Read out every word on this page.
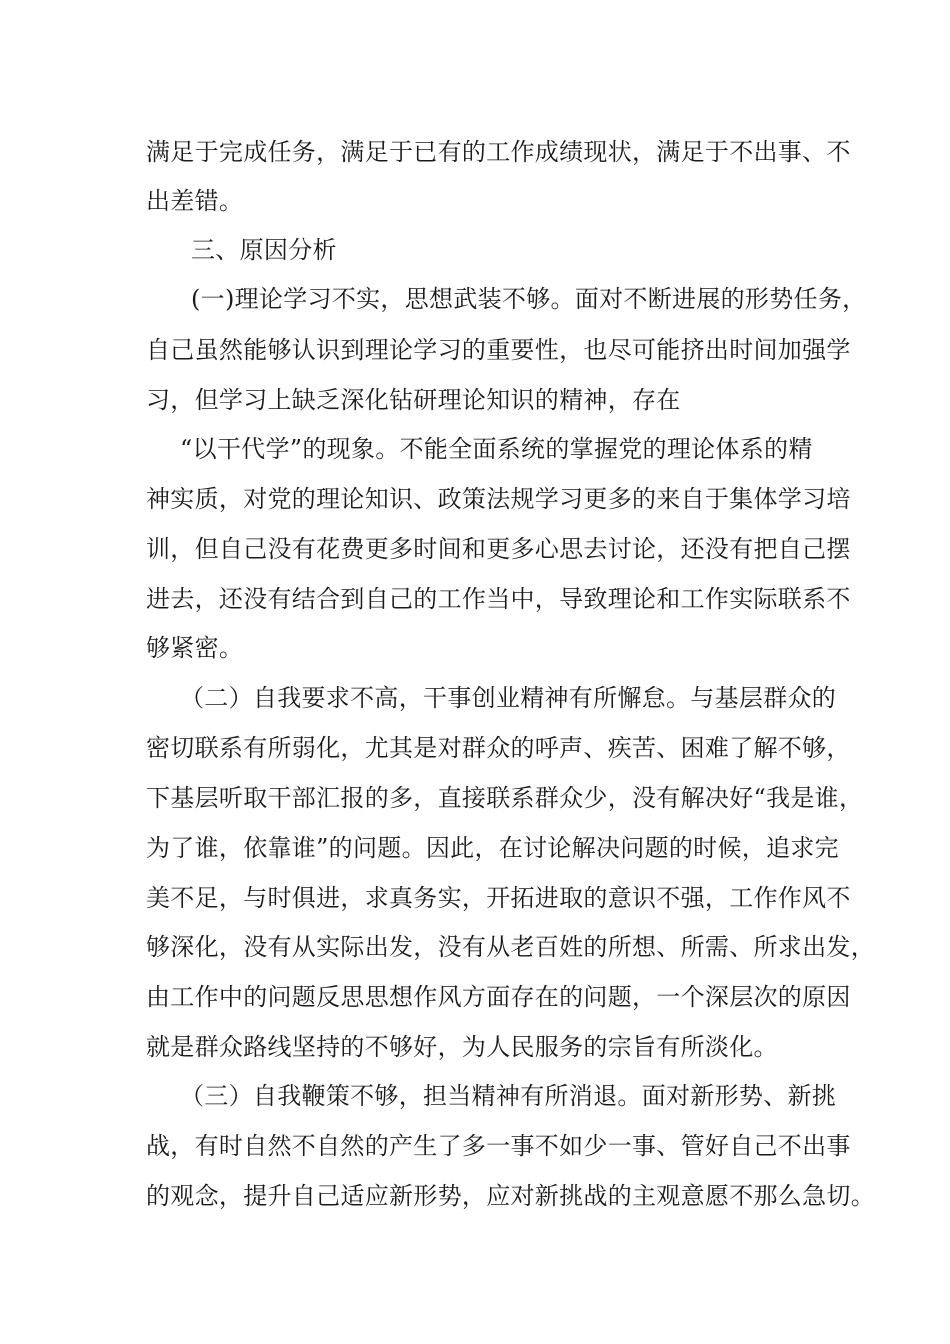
满足于完成任务，满足于已有的工作成绩现状，满足于不出事、不
出差错。
三、原因分析
(一)理论学习不实，思想武装不够。面对不断进展的形势任务，
自己虽然能够认识到理论学习的重要性，也尽可能挤出时间加强学
习，但学习上缺乏深化钻研理论知识的精神，存在
“以干代学”的现象。不能全面系统的掌握党的理论体系的精
神实质，对党的理论知识、政策法规学习更多的来自于集体学习培
训，但自己没有花费更多时间和更多心思去讨论，还没有把自己摆
进去，还没有结合到自己的工作当中，导致理论和工作实际联系不
够紧密。
（二）自我要求不高，干事创业精神有所懈怠。与基层群众的
密切联系有所弱化，尤其是对群众的呼声、疾苦、困难了解不够，
下基层听取干部汇报的多，直接联系群众少，没有解决好“我是谁，
为了谁，依靠谁”的问题。因此，在讨论解决问题的时候，追求完
美不足，与时俱进，求真务实，开拓进取的意识不强，工作作风不
够深化，没有从实际出发，没有从老百姓的所想、所需、所求出发，
由工作中的问题反思思想作风方面存在的问题，一个深层次的原因
就是群众路线坚持的不够好，为人民服务的宗旨有所淡化。
（三）自我鞭策不够，担当精神有所消退。面对新形势、新挑
战，有时自然不自然的产生了多一事不如少一事、管好自己不出事
的观念，提升自己适应新形势，应对新挑战的主观意愿不那么急切。
